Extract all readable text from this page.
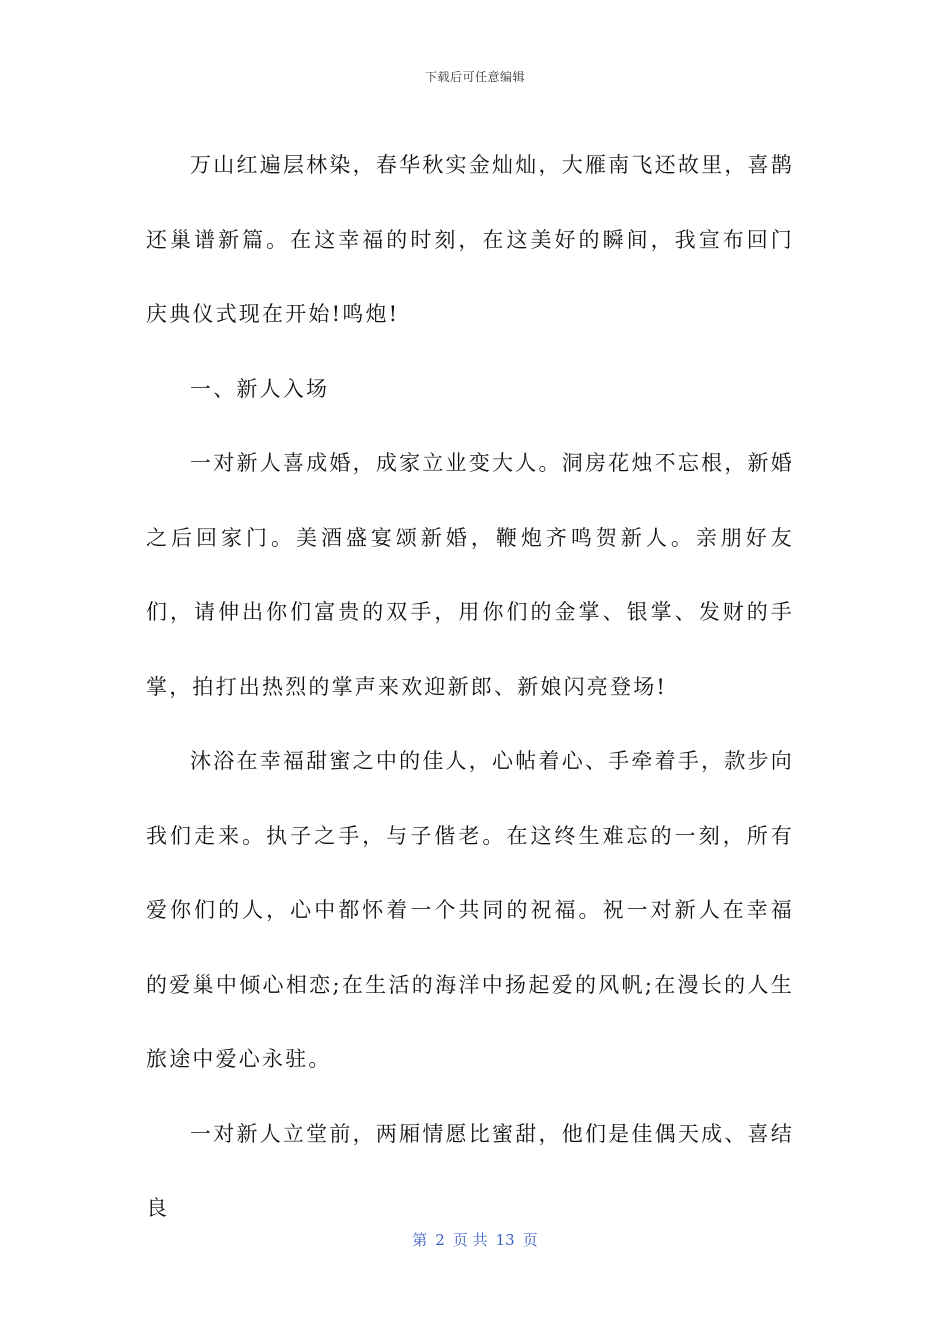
下载后可任意编辑

万山红遍层林染，春华秋实金灿灿，大雁南飞还故里，喜鹊还巢谱新篇。在这幸福的时刻，在这美好的瞬间，我宣布回门庆典仪式现在开始!鸣炮!

一、新人入场

一对新人喜成婚，成家立业变大人。洞房花烛不忘根，新婚之后回家门。美酒盛宴颂新婚，鞭炮齐鸣贺新人。亲朋好友们，请伸出你们富贵的双手，用你们的金掌、银掌、发财的手掌，拍打出热烈的掌声来欢迎新郎、新娘闪亮登场!

沐浴在幸福甜蜜之中的佳人，心帖着心、手牵着手，款步向我们走来。执子之手，与子偕老。在这终生难忘的一刻，所有爱你们的人，心中都怀着一个共同的祝福。祝一对新人在幸福的爱巢中倾心相恋;在生活的海洋中扬起爱的风帆;在漫长的人生旅途中爱心永驻。

一对新人立堂前，两厢情愿比蜜甜，他们是佳偶天成、喜结良

第 2 页 共 13 页
